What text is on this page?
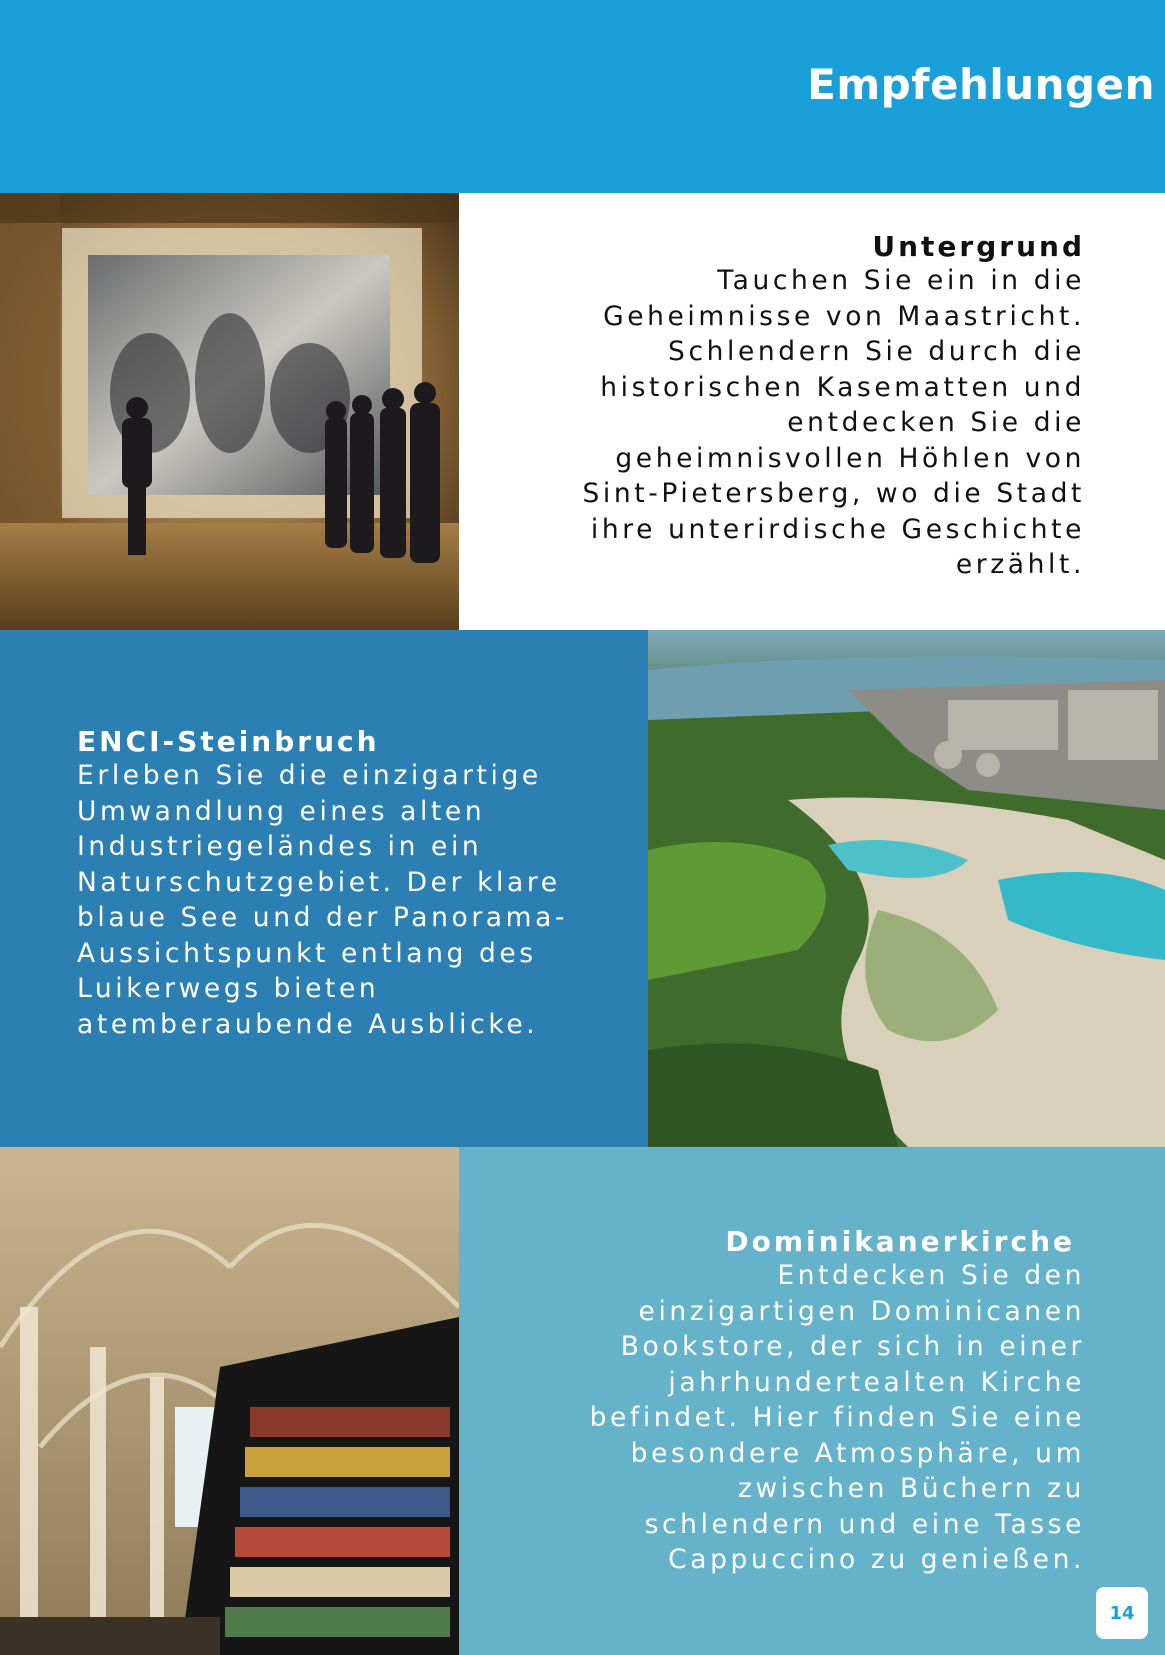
Empfehlungen
Untergrund

Tauchen Sie ein in die
Geheimnisse von Maastricht.
Schlendern Sie durch die
historischen Kasematten und
entdecken Sie die
geheimnisvollen Höhlen von
Sint-Pietersberg, wo die Stadt
ihre unterirdische Geschichte
erzählt.

ENCI-Steinbruch

Erleben Sie die einzigartige
Umwandlung eines alten
Industriegeländes in ein
Naturschutzgebiet. Der klare
blaue See und der Panorama-
Aussichtspunkt entlang des
Luikerwegs bieten
atemberaubende Ausblicke.

Dominikanerkirche

Entdecken Sie den
einzigartigen Dominicanen
Bookstore, der sich in einer
jahrhundertealten Kirche
befindet. Hier finden Sie eine
besondere Atmosphäre, um
zwischen Büchern zu
schlendern und eine Tasse
Cappuccino zu genießen.

14
